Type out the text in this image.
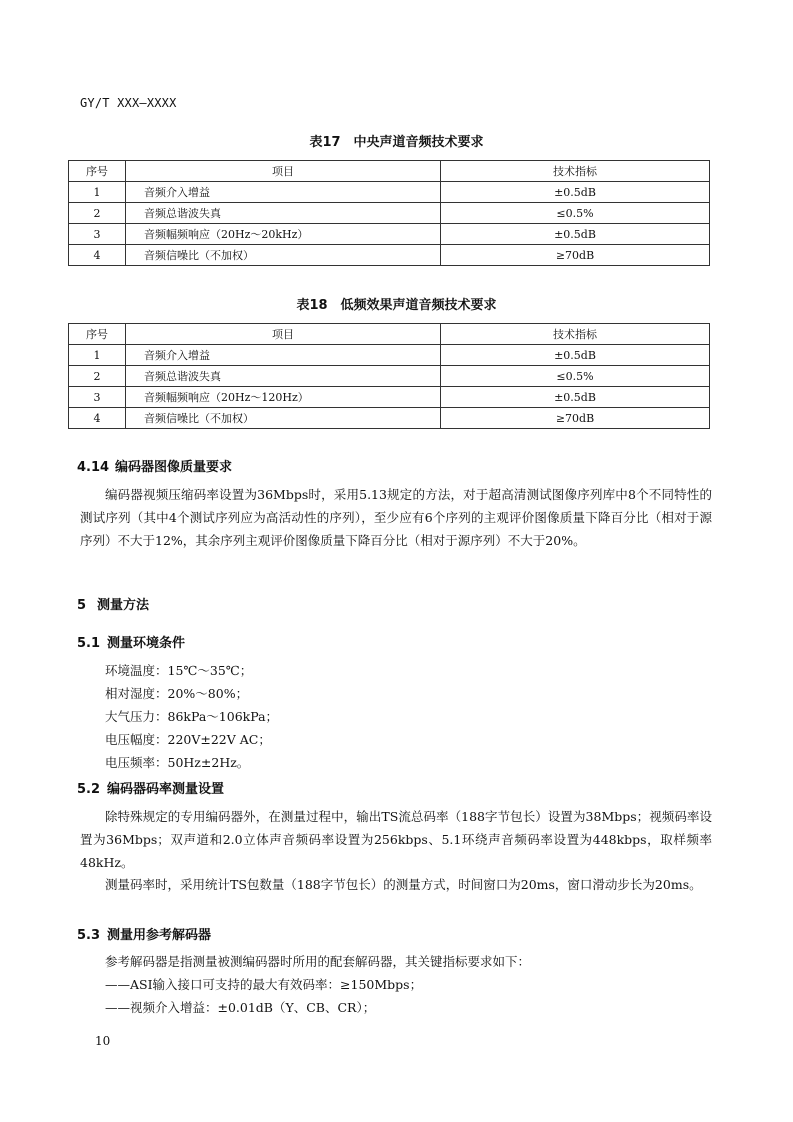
GY/T XXX—XXXX
表17　中央声道音频技术要求
序号	项目	技术指标
1	音频介入增益	±0.5dB
2	音频总谐波失真	≤0.5%
3	音频幅频响应（20Hz～20kHz）	±0.5dB
4	音频信噪比（不加权）	≥70dB
表18　低频效果声道音频技术要求
序号	项目	技术指标
1	音频介入增益	±0.5dB
2	音频总谐波失真	≤0.5%
3	音频幅频响应（20Hz～120Hz）	±0.5dB
4	音频信噪比（不加权）	≥70dB
4.14 编码器图像质量要求
编码器视频压缩码率设置为36Mbps时，采用5.13规定的方法，对于超高清测试图像序列库中8个不同特性的测试序列（其中4个测试序列应为高活动性的序列），至少应有6个序列的主观评价图像质量下降百分比（相对于源序列）不大于12%，其余序列主观评价图像质量下降百分比（相对于源序列）不大于20%。
5 测量方法
5.1 测量环境条件
环境温度：15℃～35℃；
相对湿度：20%～80%；
大气压力：86kPa～106kPa；
电压幅度：220V±22V AC；
电压频率：50Hz±2Hz。
5.2 编码器码率测量设置
除特殊规定的专用编码器外，在测量过程中，输出TS流总码率（188字节包长）设置为38Mbps；视频码率设置为36Mbps；双声道和2.0立体声音频码率设置为256kbps、5.1环绕声音频码率设置为448kbps，取样频率48kHz。
测量码率时，采用统计TS包数量（188字节包长）的测量方式，时间窗口为20ms，窗口滑动步长为20ms。
5.3 测量用参考解码器
参考解码器是指测量被测编码器时所用的配套解码器，其关键指标要求如下：
——ASI输入接口可支持的最大有效码率：≥150Mbps；
——视频介入增益：±0.01dB（Y、CB、CR）；
10
